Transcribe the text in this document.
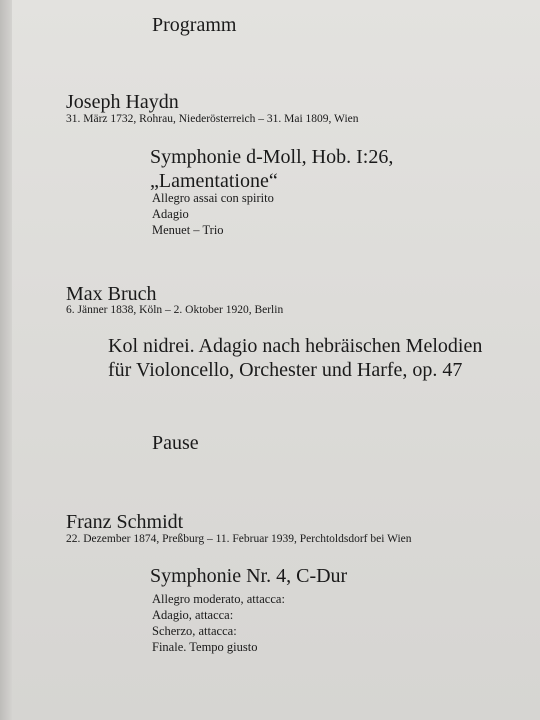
Programm
Joseph Haydn
31. März 1732, Rohrau, Niederösterreich – 31. Mai 1809, Wien
Symphonie d-Moll, Hob. I:26,
„Lamentatione“
Allegro assai con spirito
Adagio
Menuet – Trio
Max Bruch
6. Jänner 1838, Köln – 2. Oktober 1920, Berlin
Kol nidrei. Adagio nach hebräischen Melodien
für Violoncello, Orchester und Harfe, op. 47
Pause
Franz Schmidt
22. Dezember 1874, Preßburg – 11. Februar 1939, Perchtoldsdorf bei Wien
Symphonie Nr. 4, C-Dur
Allegro moderato, attacca:
Adagio, attacca:
Scherzo, attacca:
Finale. Tempo giusto
